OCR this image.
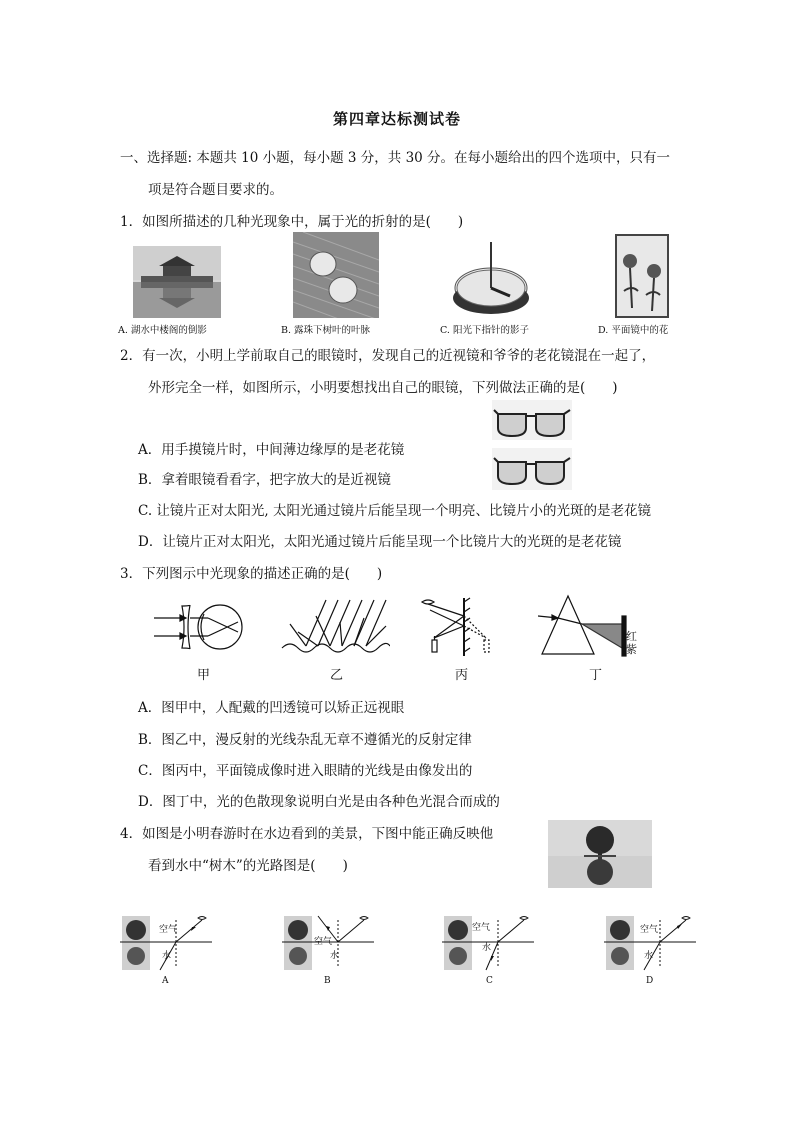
第四章达标测试卷
一、选择题: 本题共 10 小题，每小题 3 分，共 30 分。在每小题给出的四个选项中，只有一
项是符合题目要求的。
1．如图所描述的几种光现象中，属于光的折射的是(　　)
A. 湖水中楼阁的倒影	B. 露珠下树叶的叶脉	C. 阳光下指针的影子	D. 平面镜中的花
2．有一次，小明上学前取自己的眼镜时，发现自己的近视镜和爷爷的老花镜混在一起了，
外形完全一样，如图所示，小明要想找出自己的眼镜，下列做法正确的是(　　)
A．用手摸镜片时，中间薄边缘厚的是老花镜
B．拿着眼镜看看字，把字放大的是近视镜
C. 让镜片正对太阳光, 太阳光通过镜片后能呈现一个明亮、比镜片小的光斑的是老花镜
D．让镜片正对太阳光，太阳光通过镜片后能呈现一个比镜片大的光斑的是老花镜
3．下列图示中光现象的描述正确的是(　　)
红
紫
甲	乙	丙	丁
A．图甲中，人配戴的凹透镜可以矫正远视眼
B．图乙中，漫反射的光线杂乱无章不遵循光的反射定律
C．图丙中，平面镜成像时进入眼睛的光线是由像发出的
D．图丁中，光的色散现象说明白光是由各种色光混合而成的
4．如图是小明春游时在水边看到的美景，下图中能正确反映他
看到水中“树木”的光路图是(　　)
空气
水
A
空气
水
B
空气
水
C
空气
水
D
